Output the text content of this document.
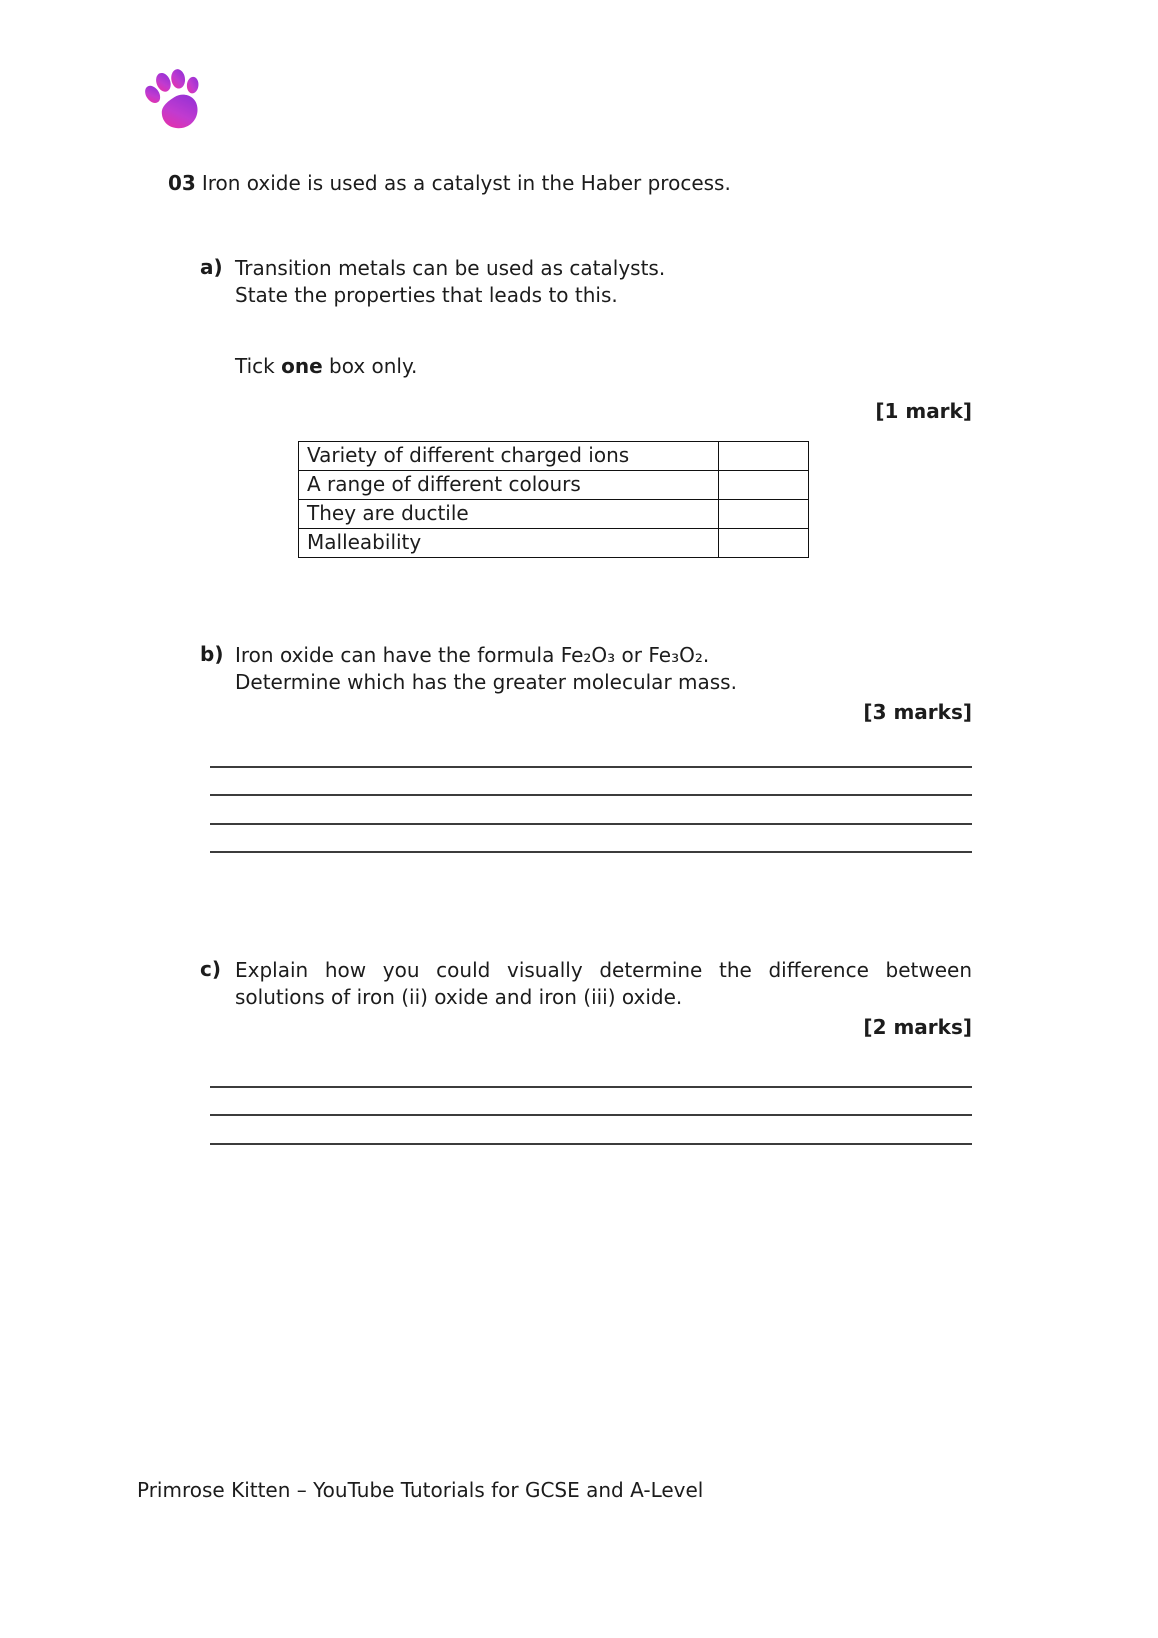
03 Iron oxide is used as a catalyst in the Haber process.
a) Transition metals can be used as catalysts.
State the properties that leads to this.
Tick one box only.
[1 mark]
Variety of different charged ions	
A range of different colours	
They are ductile	
Malleability	
b) Iron oxide can have the formula Fe₂O₃ or Fe₃O₂.
Determine which has the greater molecular mass.
[3 marks]
c) Explain how you could visually determine the difference between
solutions of iron (ii) oxide and iron (iii) oxide.
[2 marks]
Primrose Kitten – YouTube Tutorials for GCSE and A-Level
